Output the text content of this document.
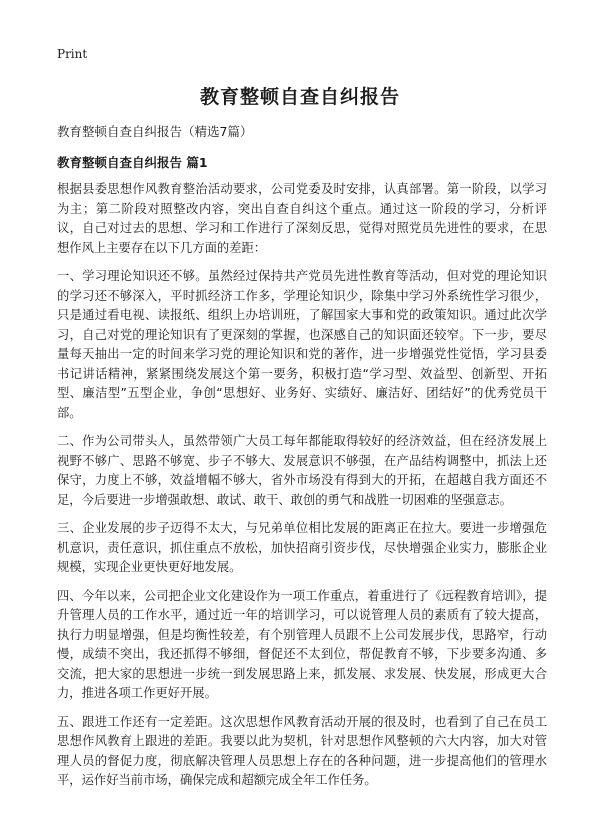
Print
教育整顿自查自纠报告

教育整顿自查自纠报告（精选7篇）

教育整顿自查自纠报告 篇1

根据县委思想作风教育整治活动要求，公司党委及时安排，认真部署。第一阶段，以学习为主；第二阶段对照整改内容，突出自查自纠这个重点。通过这一阶段的学习，分析评议，自己对过去的思想、学习和工作进行了深刻反思，觉得对照党员先进性的要求，在思想作风上主要存在以下几方面的差距：

一、学习理论知识还不够。虽然经过保持共产党员先进性教育等活动，但对党的理论知识的学习还不够深入，平时抓经济工作多，学理论知识少，除集中学习外系统性学习很少，只是通过看电视、读报纸、组织上办培训班，了解国家大事和党的政策知识。通过此次学习，自己对党的理论知识有了更深刻的掌握，也深感自己的知识面还较窄。下一步，要尽量每天抽出一定的时间来学习党的理论知识和党的著作，进一步增强党性觉悟，学习县委书记讲话精神，紧紧围绕发展这个第一要务，积极打造“学习型、效益型、创新型、开拓型、廉洁型”五型企业，争创“思想好、业务好、实绩好、廉洁好、团结好”的优秀党员干部。

二、作为公司带头人，虽然带领广大员工每年都能取得较好的经济效益，但在经济发展上视野不够广、思路不够宽、步子不够大、发展意识不够强，在产品结构调整中，抓法上还保守，力度上不够，效益增幅不够大，省外市场没有得到大的开拓，在超越自我方面还不足，今后要进一步增强敢想、敢试、敢干、敢创的勇气和战胜一切困难的坚强意志。

三、企业发展的步子迈得不太大，与兄弟单位相比发展的距离正在拉大。要进一步增强危机意识，责任意识，抓住重点不放松，加快招商引资步伐，尽快增强企业实力，膨胀企业规模，实现企业更快更好地发展。

四、今年以来，公司把企业文化建设作为一项工作重点，着重进行了《远程教育培训》，提升管理人员的工作水平，通过近一年的培训学习，可以说管理人员的素质有了较大提高，执行力明显增强，但是均衡性较差，有个别管理人员跟不上公司发展步伐，思路窄，行动慢，成绩不突出，我还抓得不够细，督促还不太到位，帮促教育不够，下步要多沟通、多交流，把大家的思想进一步统一到发展思路上来，抓发展、求发展、快发展，形成更大合力，推进各项工作更好开展。

五、跟进工作还有一定差距。这次思想作风教育活动开展的很及时，也看到了自己在员工思想作风教育上跟进的差距。我要以此为契机，针对思想作风整顿的六大内容，加大对管理人员的督促力度，彻底解决管理人员思想上存在的各种问题，进一步提高他们的管理水平，运作好当前市场，确保完成和超额完成全年工作任务。
